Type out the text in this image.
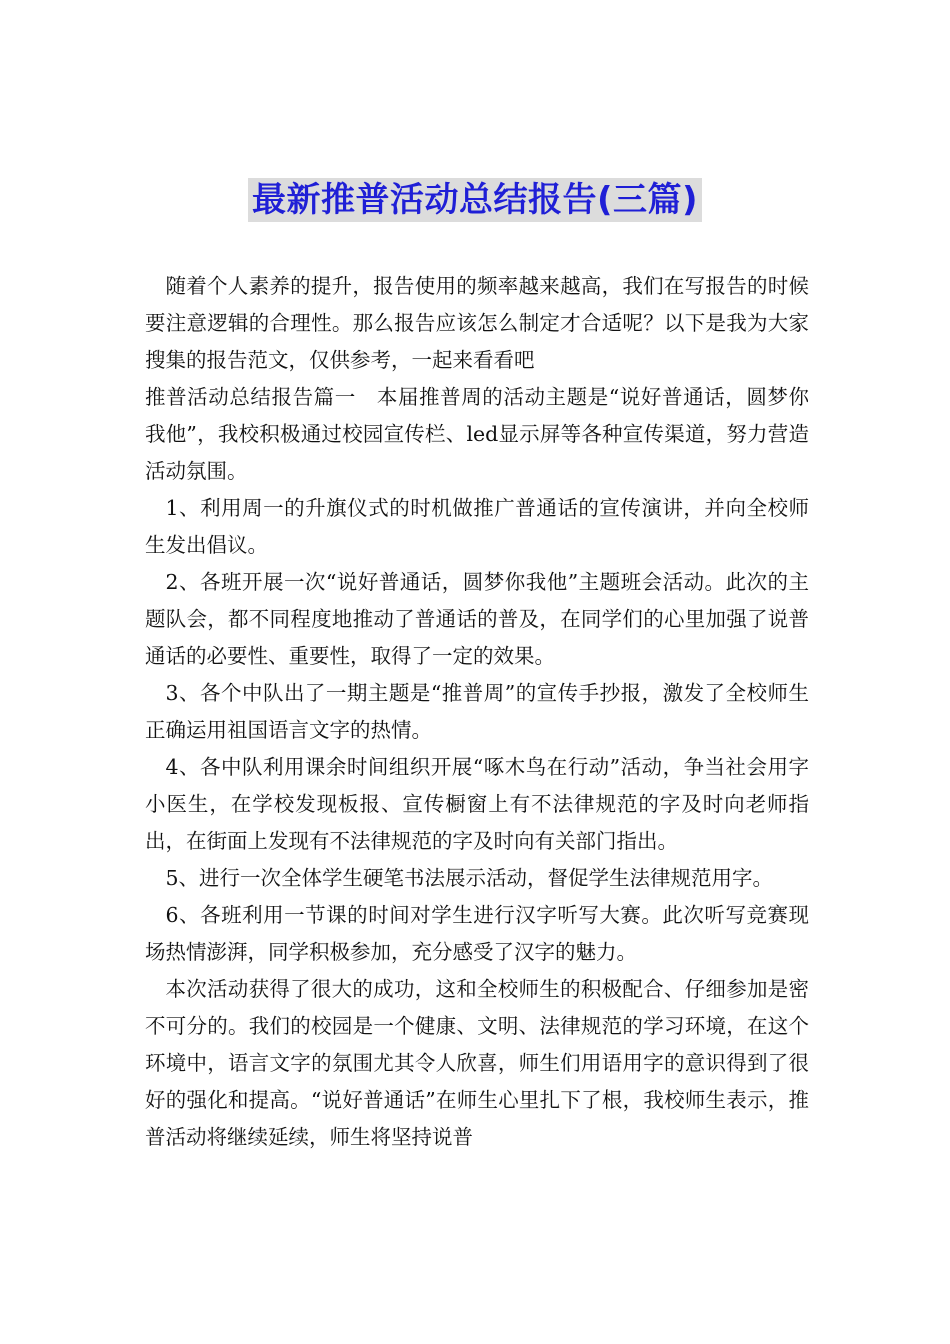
最新推普活动总结报告(三篇)

随着个人素养的提升，报告使用的频率越来越高，我们在写报告的时候要注意逻辑的合理性。那么报告应该怎么制定才合适呢？以下是我为大家搜集的报告范文，仅供参考，一起来看看吧

推普活动总结报告篇一　本届推普周的活动主题是“说好普通话，圆梦你我他”，我校积极通过校园宣传栏、led显示屏等各种宣传渠道，努力营造活动氛围。

1、利用周一的升旗仪式的时机做推广普通话的宣传演讲，并向全校师生发出倡议。

2、各班开展一次“说好普通话，圆梦你我他”主题班会活动。此次的主题队会，都不同程度地推动了普通话的普及，在同学们的心里加强了说普通话的必要性、重要性，取得了一定的效果。

3、各个中队出了一期主题是“推普周”的宣传手抄报，激发了全校师生正确运用祖国语言文字的热情。

4、各中队利用课余时间组织开展“啄木鸟在行动”活动，争当社会用字小医生，在学校发现板报、宣传橱窗上有不法律规范的字及时向老师指出，在街面上发现有不法律规范的字及时向有关部门指出。

5、进行一次全体学生硬笔书法展示活动，督促学生法律规范用字。

6、各班利用一节课的时间对学生进行汉字听写大赛。此次听写竞赛现场热情澎湃，同学积极参加，充分感受了汉字的魅力。

本次活动获得了很大的成功，这和全校师生的积极配合、仔细参加是密不可分的。我们的校园是一个健康、文明、法律规范的学习环境，在这个环境中，语言文字的氛围尤其令人欣喜，师生们用语用字的意识得到了很好的强化和提高。“说好普通话”在师生心里扎下了根，我校师生表示，推普活动将继续延续，师生将坚持说普
